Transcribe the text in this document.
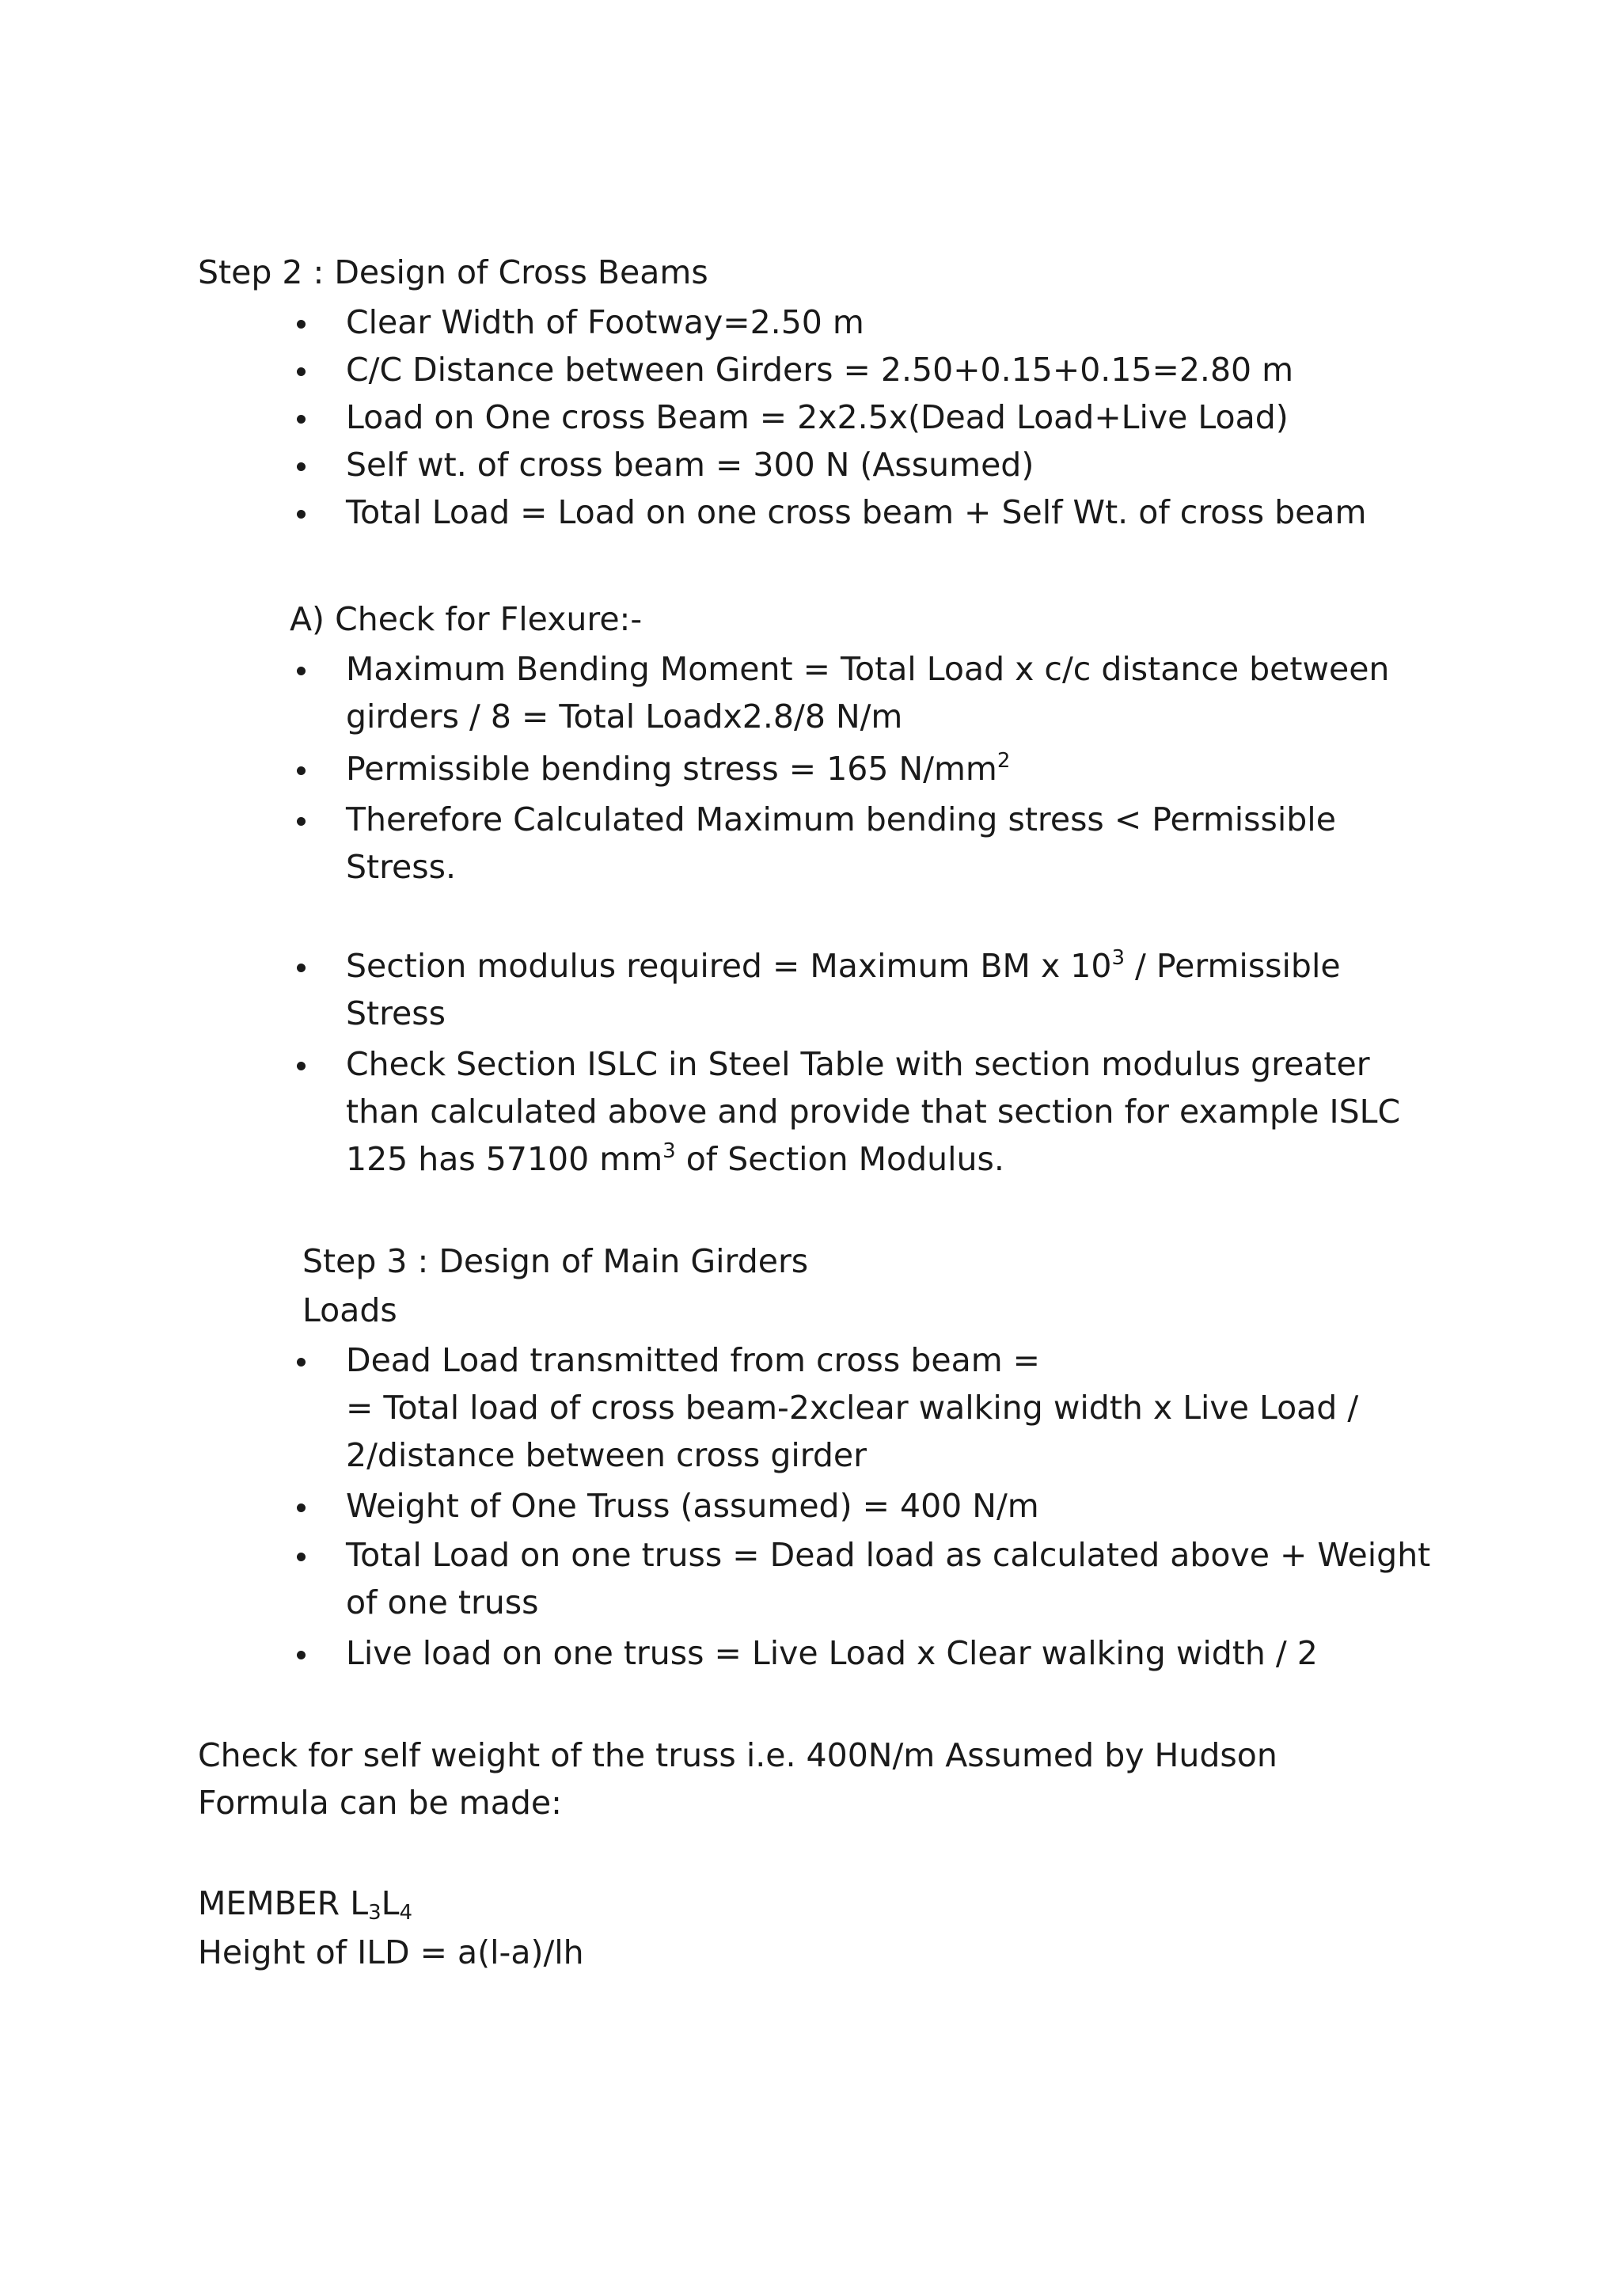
Step 2 : Design of Cross Beams

Clear Width of Footway=2.50 m
C/C Distance between Girders = 2.50+0.15+0.15=2.80 m
Load on One cross Beam = 2x2.5x(Dead Load+Live Load)
Self wt. of cross beam = 300 N (Assumed)
Total Load = Load on one cross beam + Self Wt. of cross beam

A) Check for Flexure:-

Maximum Bending Moment = Total Load x c/c distance between girders / 8 = Total Loadx2.8/8 N/m
Permissible bending stress = 165 $N/mm^2$
Therefore Calculated Maximum bending stress < Permissible Stress.
Section modulus required = Maximum BM x $10^3$ / Permissible Stress
Check Section ISLC in Steel Table with section modulus greater than calculated above and provide that section for example ISLC 125 has 57100 $mm^3$ of Section Modulus.

Step 3 : Design of Main Girders

Loads

Dead Load transmitted from cross beam =
= Total load of cross beam-2xclear walking width x Live Load / 2/distance between cross girder
Weight of One Truss (assumed) = 400 N/m
Total Load on one truss = Dead load as calculated above + Weight of one truss
Live load on one truss = Live Load x Clear walking width / 2

Check for self weight of the truss i.e. 400N/m Assumed by Hudson Formula can be made:

MEMBER $L_3L_4$

Height of ILD = a(l-a)/lh
